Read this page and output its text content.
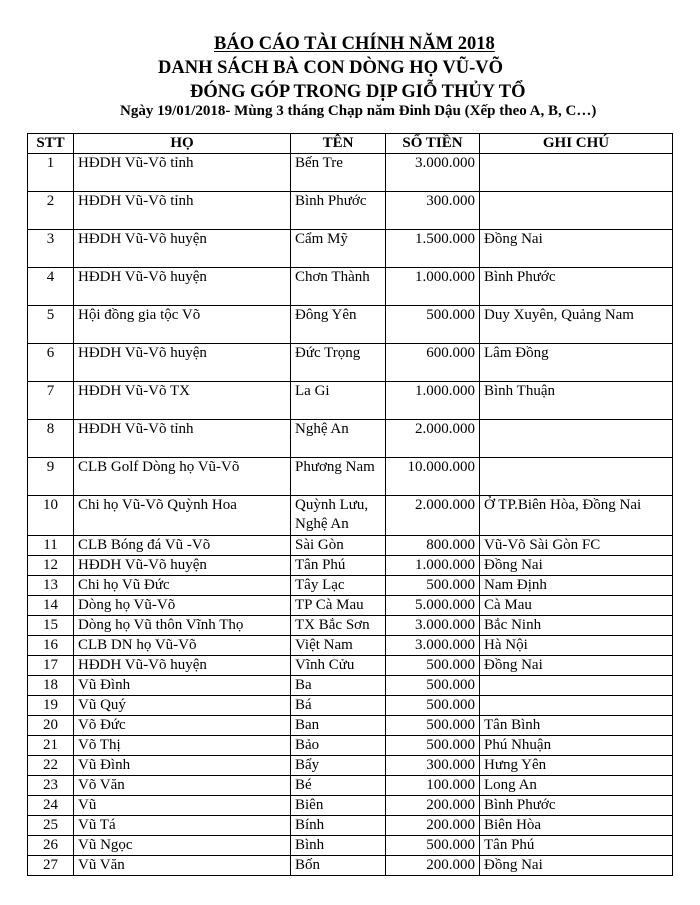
BÁO CÁO TÀI CHÍNH NĂM 2018
DANH SÁCH BÀ CON DÒNG HỌ VŨ-VÕ
ĐÓNG GÓP TRONG DỊP GIỖ THỦY TỔ
Ngày 19/01/2018- Mùng 3 tháng Chạp năm Đinh Dậu (Xếp theo A, B, C…)
STT	HỌ	TÊN	SỐ TIỀN	GHI CHÚ
1	HĐDH Vũ-Võ tỉnh	Bến Tre	3.000.000	
2	HĐDH Vũ-Võ tỉnh	Bình Phước	300.000	
3	HĐDH Vũ-Võ huyện	Cẩm Mỹ	1.500.000	Đồng Nai
4	HĐDH Vũ-Võ huyện	Chơn Thành	1.000.000	Bình Phước
5	Hội đồng gia tộc Võ	Đông Yên	500.000	Duy Xuyên, Quảng Nam
6	HĐDH Vũ-Võ huyện	Đức Trọng	600.000	Lâm Đồng
7	HĐDH Vũ-Võ TX	La Gi	1.000.000	Bình Thuận
8	HĐDH Vũ-Võ tỉnh	Nghệ An	2.000.000	
9	CLB Golf Dòng họ Vũ-Võ	Phương Nam	10.000.000	
10	Chi họ Vũ-Võ Quỳnh Hoa	Quỳnh Lưu, Nghệ An	2.000.000	Ở TP.Biên Hòa, Đồng Nai
11	CLB Bóng đá Vũ -Võ	Sài Gòn	800.000	Vũ-Võ Sài Gòn FC
12	HĐDH Vũ-Võ huyện	Tân Phú	1.000.000	Đồng Nai
13	Chi họ Vũ Đức	Tây Lạc	500.000	Nam Định
14	Dòng họ Vũ-Võ	TP Cà Mau	5.000.000	Cà Mau
15	Dòng họ Vũ thôn Vĩnh Thọ	TX Bắc Sơn	3.000.000	Bắc Ninh
16	CLB DN họ Vũ-Võ	Việt Nam	3.000.000	Hà Nội
17	HĐDH Vũ-Võ huyện	Vĩnh Cửu	500.000	Đồng Nai
18	Vũ Đình	Ba	500.000	
19	Vũ Quý	Bá	500.000	
20	Võ Đức	Ban	500.000	Tân Bình
21	Võ Thị	Bảo	500.000	Phú Nhuận
22	Vũ Đình	Bẩy	300.000	Hưng Yên
23	Võ Văn	Bé	100.000	Long An
24	Vũ	Biên	200.000	Bình Phước
25	Vũ Tá	Bính	200.000	Biên Hòa
26	Vũ Ngọc	Bình	500.000	Tân Phú
27	Vũ Văn	Bốn	200.000	Đồng Nai
